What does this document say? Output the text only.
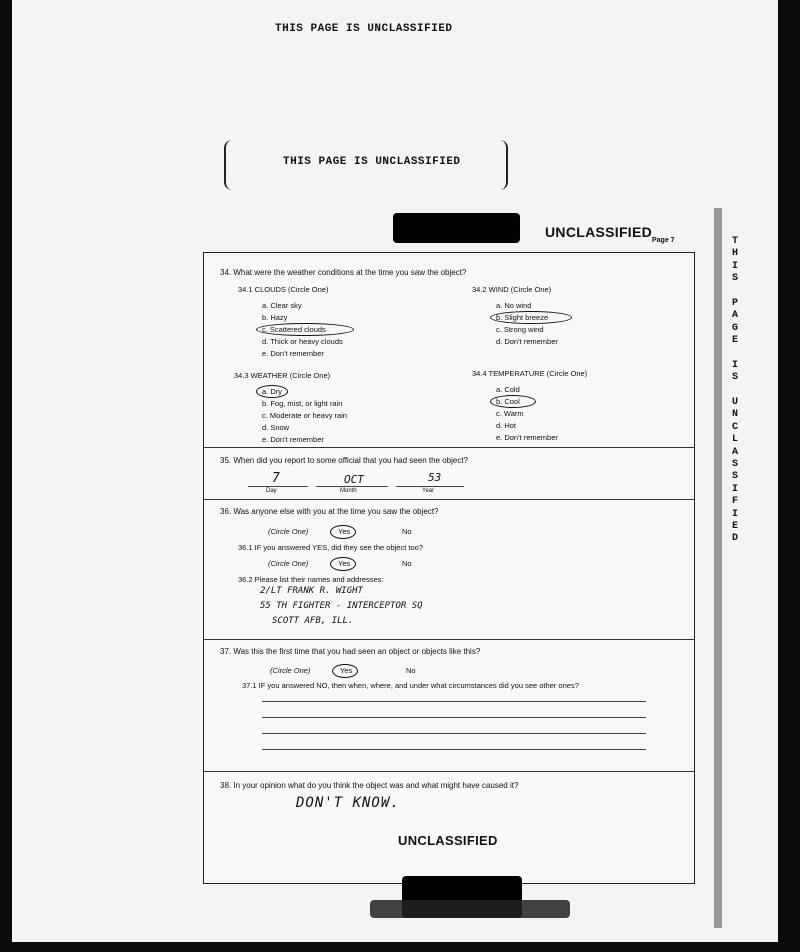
THIS PAGE IS UNCLASSIFIED
THIS PAGE IS UNCLASSIFIED
UNCLASSIFIED
Page 7	T
H
I
S
P
A
G
E
I
S
U
N
C
L
A
S
S
I
F
I
E
D
34. What were the weather conditions at the time you saw the object?
34.1 CLOUDS (Circle One)
a. Clear sky
b. Hazy
c. Scattered clouds
d. Thick or heavy clouds
e. Don't remember
34.2 WIND (Circle One)
a. No wind
b. Slight breeze
c. Strong wind
d. Don't remember
34.3 WEATHER (Circle One)
a. Dry
b. Fog, mist, or light rain
c. Moderate or heavy rain
d. Snow
e. Don't remember
34.4 TEMPERATURE (Circle One)
a. Cold
b. Cool
c. Warm
d. Hot
e. Don't remember
35. When did you report to some official that you had seen the object?
7	OCT	53
Day	Month	Year
36. Was anyone else with you at the time you saw the object?
(Circle One)	Yes	No
36.1 IF you answered YES, did they see the object too?
(Circle One)	Yes	No
36.2 Please list their names and addresses:
2/LT FRANK R. WIGHT
55 TH FIGHTER - INTERCEPTOR SQ
SCOTT AFB, ILL.
37. Was this the first time that you had seen an object or objects like this?
(Circle One)	Yes	No
37.1 IF you answered NO, then when, where, and under what circumstances did you see other ones?
38. In your opinion what do you think the object was and what might have caused it?
DON'T KNOW.
UNCLASSIFIED
